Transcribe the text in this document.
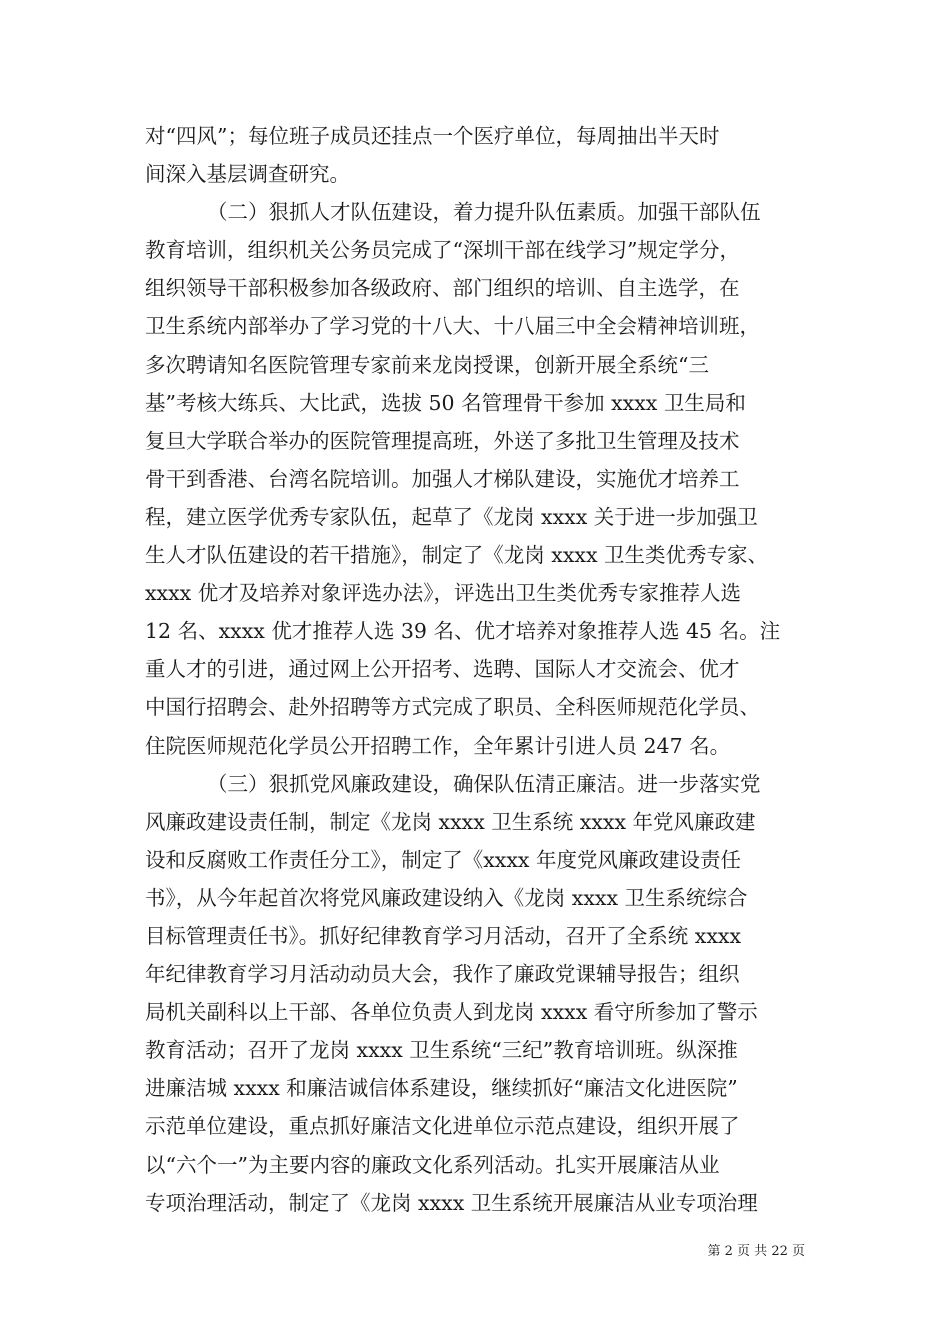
对“四风”；每位班子成员还挂点一个医疗单位，每周抽出半天时
间深入基层调查研究。
（二）狠抓人才队伍建设，着力提升队伍素质。加强干部队伍
教育培训，组织机关公务员完成了“深圳干部在线学习”规定学分，
组织领导干部积极参加各级政府、部门组织的培训、自主选学，在
卫生系统内部举办了学习党的十八大、十八届三中全会精神培训班，
多次聘请知名医院管理专家前来龙岗授课，创新开展全系统“三
基”考核大练兵、大比武，选拔 50 名管理骨干参加 xxxx 卫生局和
复旦大学联合举办的医院管理提高班，外送了多批卫生管理及技术
骨干到香港、台湾名院培训。加强人才梯队建设，实施优才培养工
程，建立医学优秀专家队伍，起草了《龙岗 xxxx 关于进一步加强卫
生人才队伍建设的若干措施》，制定了《龙岗 xxxx 卫生类优秀专家、
xxxx 优才及培养对象评选办法》，评选出卫生类优秀专家推荐人选
12 名、xxxx 优才推荐人选 39 名、优才培养对象推荐人选 45 名。注
重人才的引进，通过网上公开招考、选聘、国际人才交流会、优才
中国行招聘会、赴外招聘等方式完成了职员、全科医师规范化学员、
住院医师规范化学员公开招聘工作，全年累计引进人员 247 名。
（三）狠抓党风廉政建设，确保队伍清正廉洁。进一步落实党
风廉政建设责任制，制定《龙岗 xxxx 卫生系统 xxxx 年党风廉政建
设和反腐败工作责任分工》，制定了《xxxx 年度党风廉政建设责任
书》，从今年起首次将党风廉政建设纳入《龙岗 xxxx 卫生系统综合
目标管理责任书》。抓好纪律教育学习月活动，召开了全系统 xxxx
年纪律教育学习月活动动员大会，我作了廉政党课辅导报告；组织
局机关副科以上干部、各单位负责人到龙岗 xxxx 看守所参加了警示
教育活动；召开了龙岗 xxxx 卫生系统“三纪”教育培训班。纵深推
进廉洁城 xxxx 和廉洁诚信体系建设，继续抓好“廉洁文化进医院”
示范单位建设，重点抓好廉洁文化进单位示范点建设，组织开展了
以“六个一”为主要内容的廉政文化系列活动。扎实开展廉洁从业
专项治理活动，制定了《龙岗 xxxx 卫生系统开展廉洁从业专项治理
第 2 页 共 22 页
